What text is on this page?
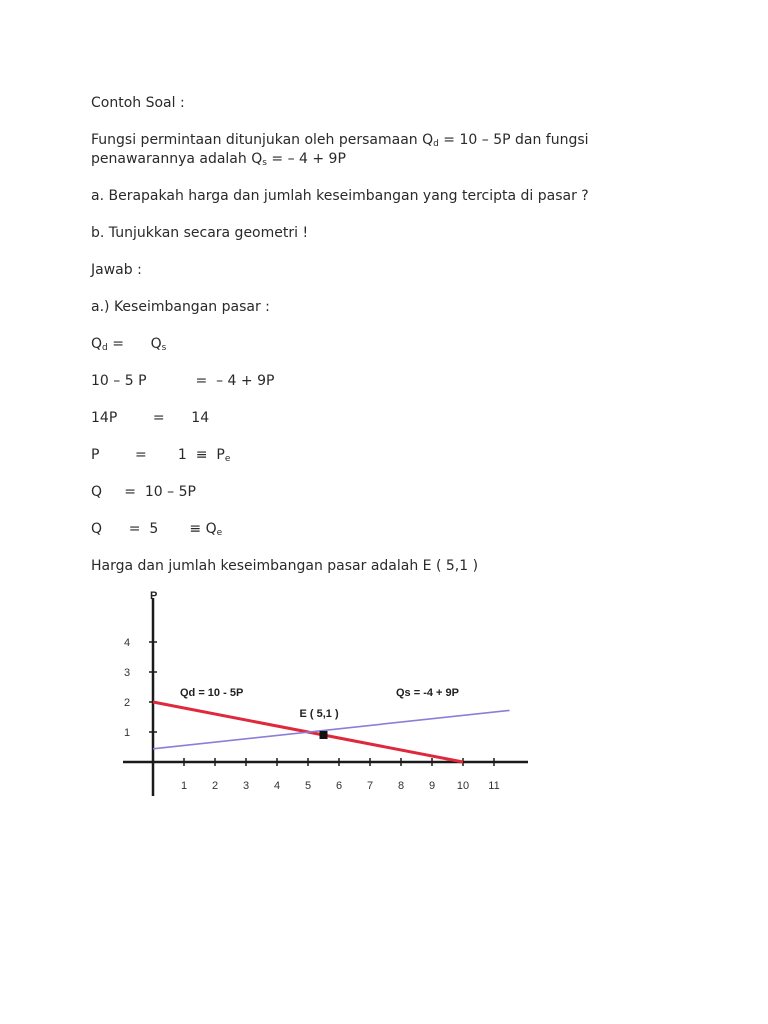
Contoh Soal :

Fungsi permintaan ditunjukan oleh persamaan $Q_d = 10 - 5P$ dan fungsi
penawarannya adalah $Q_s$ = – 4 + 9P

a. Berapakah harga dan jumlah keseimbangan yang tercipta di pasar ?

b. Tunjukkan secara geometri !

Jawab :

a.) Keseimbangan pasar :

$Q_d$ =      $Q_s$

10 – 5 P           =  – 4 + 9P

14P        =      14

P        =       $1 \equiv P_e$

Q     =  10 – 5P

Q      =  5       ≡ $Q_e$

Harga dan jumlah keseimbangan pasar adalah E ( 5,1 )

P
1 2 3 4 5 6 7 8 9 10 11
1
2
3
4
Qd = 10 - 5P	Qs = -4 + 9P
E ( 5,1 )
